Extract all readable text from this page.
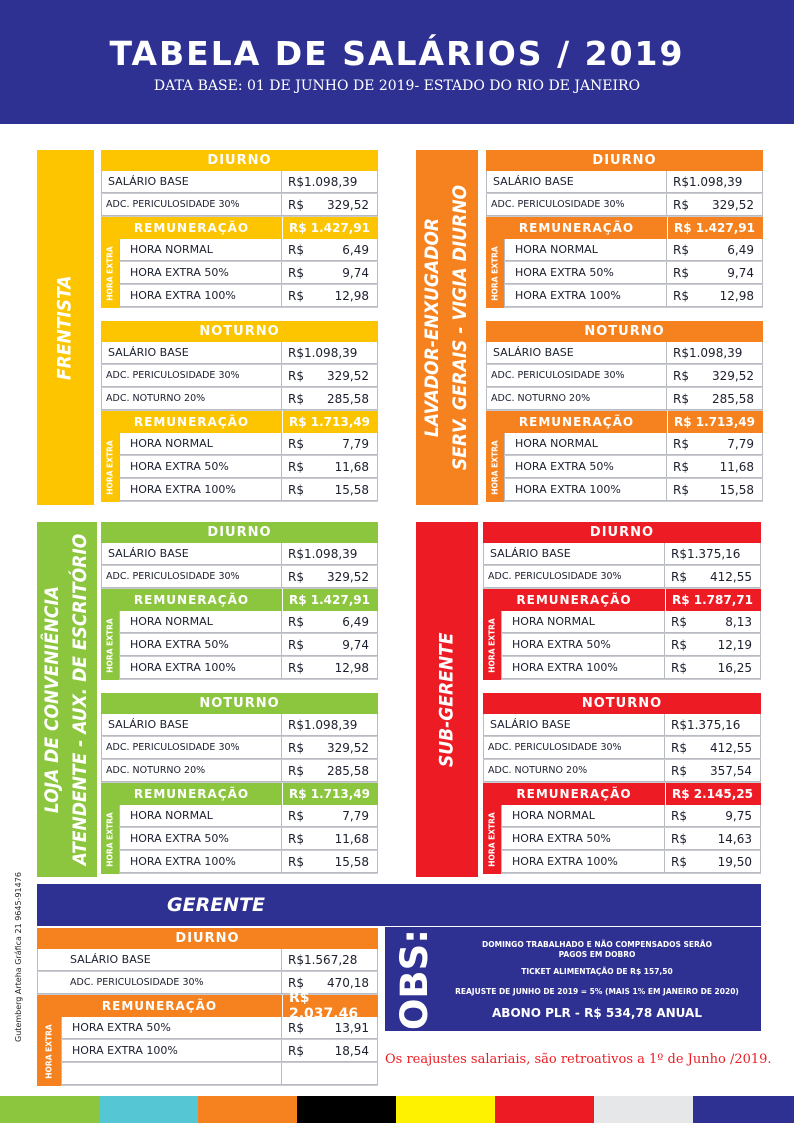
TABELA DE SALÁRIOS / 2019
DATA BASE: 01 DE JUNHO DE 2019- ESTADO DO RIO DE JANEIRO
FRENTISTA	LAVADOR-ENXUGADOR SERV. GERAIS - VIGIA DIURNO
LOJA DE CONVENIÊNCIA ATENDENTE - AUX. DE ESCRITÓRIO	SUB-GERENTE
DIURNO
SALÁRIO BASE	R$1.098,39
ADC. PERICULOSIDADE 30%	R$ 329,52
REMUNERAÇÃO	R$ 1.427,91
HORA EXTRA	HORA NORMAL	R$	6,49
HORA EXTRA 50%	R$	9,74
HORA EXTRA 100%	R$	12,98
NOTURNO
SALÁRIO BASE	R$1.098,39
ADC. PERICULOSIDADE 30%	R$ 329,52
ADC. NOTURNO 20%	R$ 285,58
REMUNERAÇÃO	R$ 1.713,49
HORA EXTRA	HORA NORMAL	R$	7,79
HORA EXTRA 50%	R$	11,68
HORA EXTRA 100%	R$	15,58
DIURNO
SALÁRIO BASE	R$1.098,39
ADC. PERICULOSIDADE 30%	R$ 329,52
REMUNERAÇÃO	R$ 1.427,91
HORA EXTRA	HORA NORMAL	R$	6,49
HORA EXTRA 50%	R$	9,74
HORA EXTRA 100%	R$	12,98
NOTURNO
SALÁRIO BASE	R$1.098,39
ADC. PERICULOSIDADE 30%	R$ 329,52
ADC. NOTURNO 20%	R$ 285,58
REMUNERAÇÃO	R$ 1.713,49
HORA EXTRA	HORA NORMAL	R$	7,79
HORA EXTRA 50%	R$	11,68
HORA EXTRA 100%	R$	15,58
DIURNO
SALÁRIO BASE	R$1.098,39
ADC. PERICULOSIDADE 30%	R$ 329,52
REMUNERAÇÃO	R$ 1.427,91
HORA EXTRA	HORA NORMAL	R$	6,49
HORA EXTRA 50%	R$	9,74
HORA EXTRA 100%	R$	12,98
NOTURNO
SALÁRIO BASE	R$1.098,39
ADC. PERICULOSIDADE 30%	R$ 329,52
ADC. NOTURNO 20%	R$ 285,58
REMUNERAÇÃO	R$ 1.713,49
HORA EXTRA	HORA NORMAL	R$	7,79
HORA EXTRA 50%	R$	11,68
HORA EXTRA 100%	R$	15,58
DIURNO
SALÁRIO BASE	R$1.375,16
ADC. PERICULOSIDADE 30%	R$ 412,55
REMUNERAÇÃO	R$ 1.787,71
HORA EXTRA	HORA NORMAL	R$	8,13
HORA EXTRA 50%	R$	12,19
HORA EXTRA 100%	R$	16,25
NOTURNO
SALÁRIO BASE	R$1.375,16
ADC. PERICULOSIDADE 30%	R$ 412,55
ADC. NOTURNO 20%	R$ 357,54
REMUNERAÇÃO	R$ 2.145,25
HORA EXTRA	HORA NORMAL	R$	9,75
HORA EXTRA 50%	R$	14,63
HORA EXTRA 100%	R$	19,50
GERENTE
DIURNO
SALÁRIO BASE	R$1.567,28
ADC. PERICULOSIDADE 30%	R$ 470,18
REMUNERAÇÃO	R$ 2.037,46
HORA EXTRA	HORA EXTRA 50%	R$	13,91
HORA EXTRA 100%	R$	18,54
OBS:	DOMINGO TRABALHADO E NÃO COMPENSADOS SERÃO
PAGOS EM DOBRO
TICKET ALIMENTAÇÃO DE R$ 157,50
REAJUSTE DE JUNHO DE 2019 = 5% (MAIS 1% EM JANEIRO DE 2020)
ABONO PLR - R$ 534,78 ANUAL
Os reajustes salariais, são retroativos a 1º de Junho /2019.
Gutemberg Arteha Gráfica 21 9645-91476
